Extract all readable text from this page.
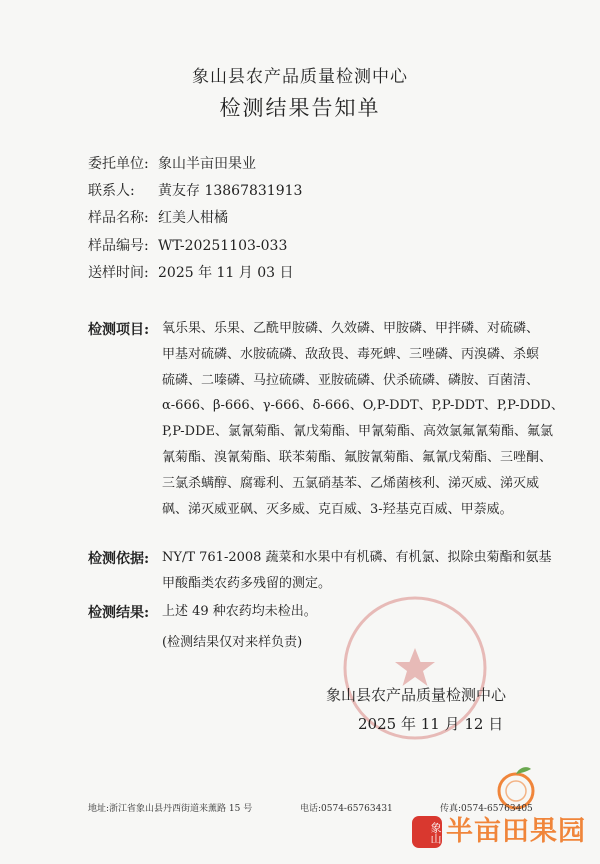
象山县农产品质量检测中心
检测结果告知单
委托单位: 象山半亩田果业
联系人: 黄友存 13867831913
样品名称: 红美人柑橘
样品编号: WT-20251103-033
送样时间: 2025 年 11 月 03 日
检测项目: 氧乐果、乐果、乙酰甲胺磷、久效磷、甲胺磷、甲拌磷、对硫磷、
甲基对硫磷、水胺硫磷、敌敌畏、毒死蜱、三唑磷、丙溴磷、杀螟
硫磷、二嗪磷、马拉硫磷、亚胺硫磷、伏杀硫磷、磷胺、百菌清、
α-666、β-666、γ-666、δ-666、O,P-DDT、P,P-DDT、P,P-DDD、
P,P-DDE、氯氰菊酯、氰戊菊酯、甲氰菊酯、高效氯氟氰菊酯、氟氯
氰菊酯、溴氰菊酯、联苯菊酯、氟胺氰菊酯、氟氰戊菊酯、三唑酮、
三氯杀螨醇、腐霉利、五氯硝基苯、乙烯菌核利、涕灭威、涕灭威
砜、涕灭威亚砜、灭多威、克百威、3-羟基克百威、甲萘威。
检测依据: NY/T 761-2008 蔬菜和水果中有机磷、有机氯、拟除虫菊酯和氨基
甲酸酯类农药多残留的测定。
检测结果: 上述 49 种农药均未检出。
(检测结果仅对来样负责)
象山县农产品质量检测中心
2025 年 11 月 12 日
地址:浙江省象山县丹西街道来薰路 15 号	电话:0574-65763431	传真:0574-65763405
象山 半亩田果园
